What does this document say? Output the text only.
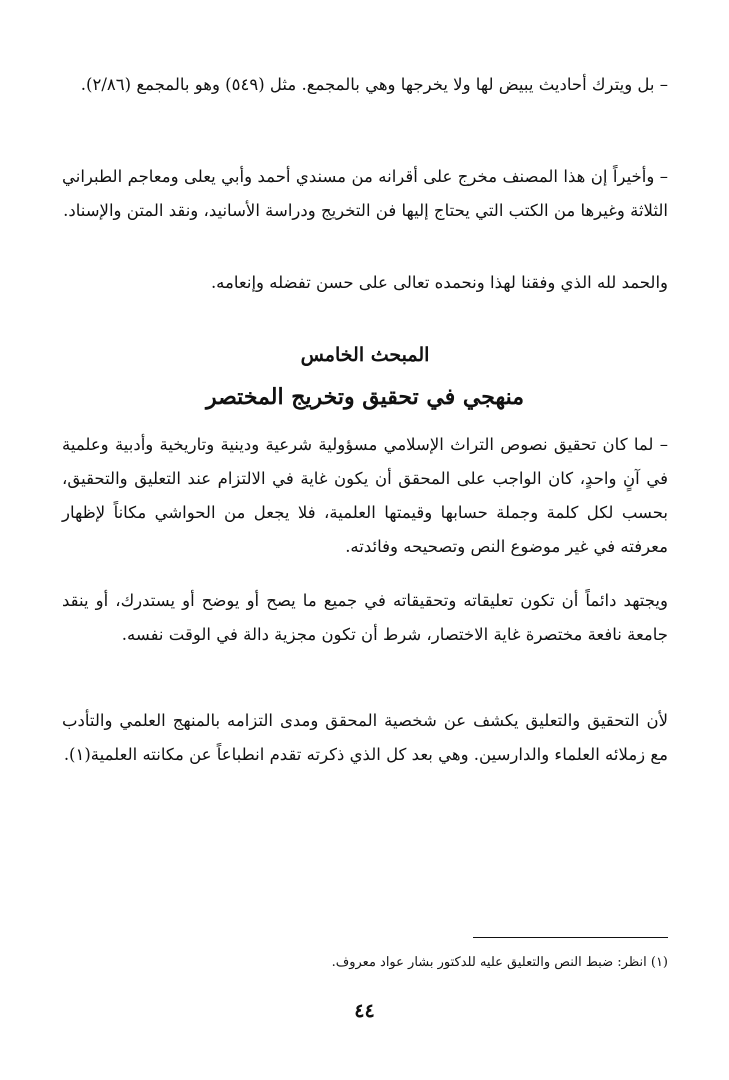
– بل ويترك أحاديث يبيض لها ولا يخرجها وهي بالمجمع. مثل (٥٤٩) وهو بالمجمع (٢/٨٦).

– وأخيراً إن هذا المصنف مخرج على أقرانه من مسندي أحمد وأبي يعلى ومعاجم الطبراني الثلاثة وغيرها من الكتب التي يحتاج إليها فن التخريج ودراسة الأسانيد، ونقد المتن والإسناد.

والحمد لله الذي وفقنا لهذا ونحمده تعالى على حسن تفضله وإنعامه.

المبحث الخامس
منهجي في تحقيق وتخريج المختصر

– لما كان تحقيق نصوص التراث الإسلامي مسؤولية شرعية ودينية وتاريخية وأدبية وعلمية في آنٍ واحدٍ، كان الواجب على المحقق أن يكون غاية في الالتزام عند التعليق والتحقيق، بحسب لكل كلمة وجملة حسابها وقيمتها العلمية، فلا يجعل من الحواشي مكاناً لإظهار معرفته في غير موضوع النص وتصحيحه وفائدته.

ويجتهد دائماً أن تكون تعليقاته وتحقيقاته في جميع ما يصح أو يوضح أو يستدرك، أو ينقد جامعة نافعة مختصرة غاية الاختصار، شرط أن تكون مجزية دالة في الوقت نفسه.

لأن التحقيق والتعليق يكشف عن شخصية المحقق ومدى التزامه بالمنهج العلمي والتأدب مع زملائه العلماء والدارسين. وهي بعد كل الذي ذكرته تقدم انطباعاً عن مكانته العلمية(١).

(١) انظر: ضبط النص والتعليق عليه للدكتور بشار عواد معروف.

٤٤
